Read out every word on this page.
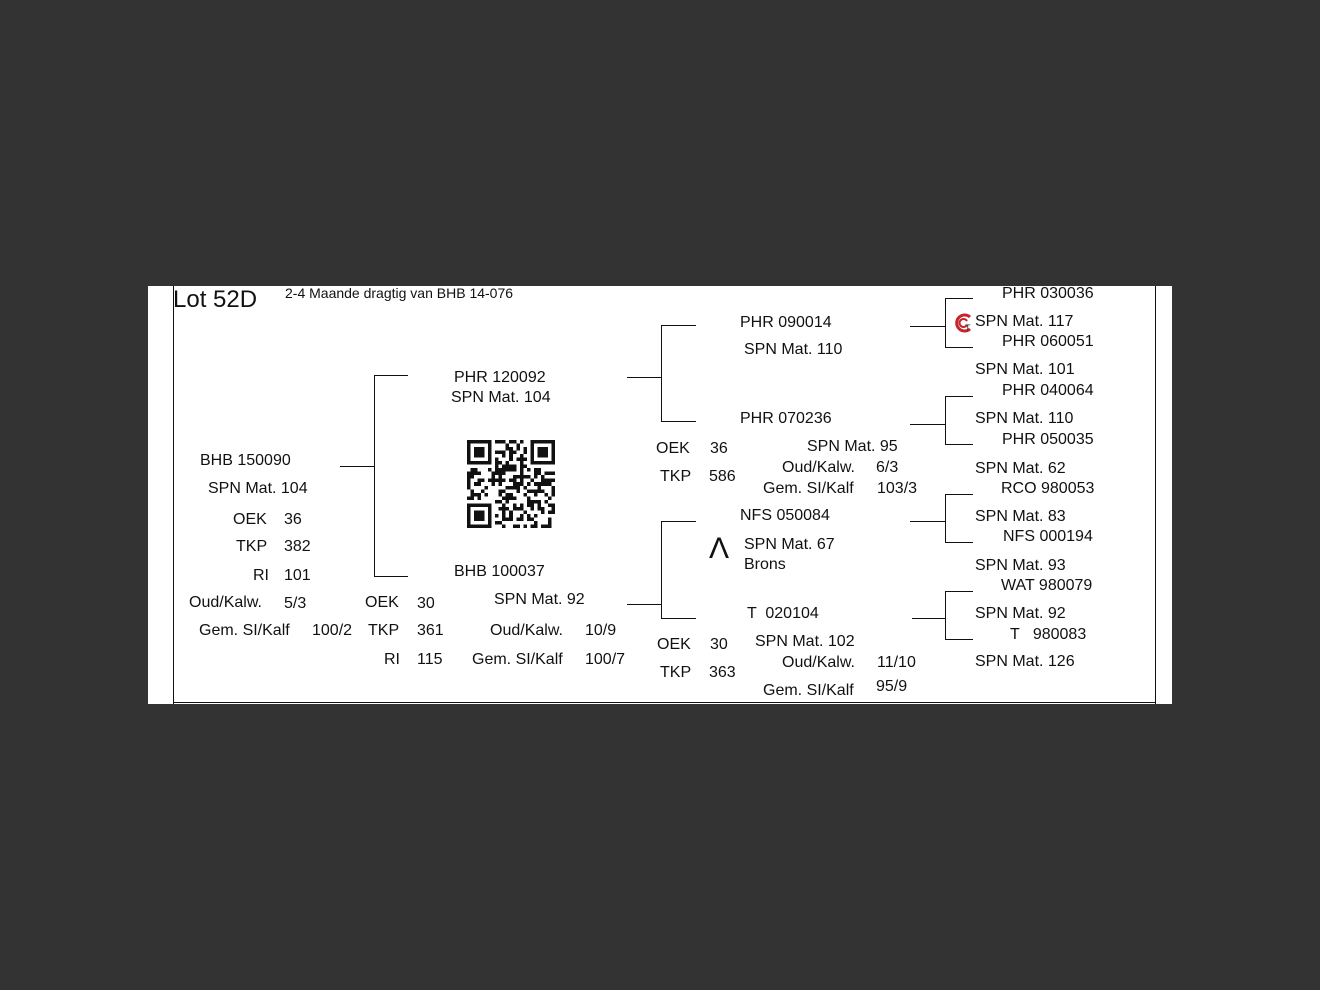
Lot 52D 2-4 Maande dragtig van BHB 14-076
BHB 150090
SPN Mat. 104
OEK 36
TKP 382
RI 101
Oud/Kalw. 5/3
Gem. SI/Kalf 100/2
PHR 120092
SPN Mat. 104
BHB 100037
SPN Mat. 92
OEK 30
TKP 361
RI 115
Oud/Kalw. 10/9
Gem. SI/Kalf 100/7
PHR 090014
SPN Mat. 110
PHR 070236
SPN Mat. 95
OEK 36
TKP 586
Oud/Kalw. 6/3
Gem. SI/Kalf 103/3
NFS 050084
Λ SPN Mat. 67
Brons
T  020104
SPN Mat. 102
OEK 30
TKP 363
Oud/Kalw. 11/10
Gem. SI/Kalf 95/9
T
PHR 030036
SPN Mat. 117
PHR 060051
SPN Mat. 101
PHR 040064
SPN Mat. 110
PHR 050035
SPN Mat. 62
RCO 980053
SPN Mat. 83
NFS 000194
SPN Mat. 93
WAT 980079
SPN Mat. 92
T   980083
SPN Mat. 126
